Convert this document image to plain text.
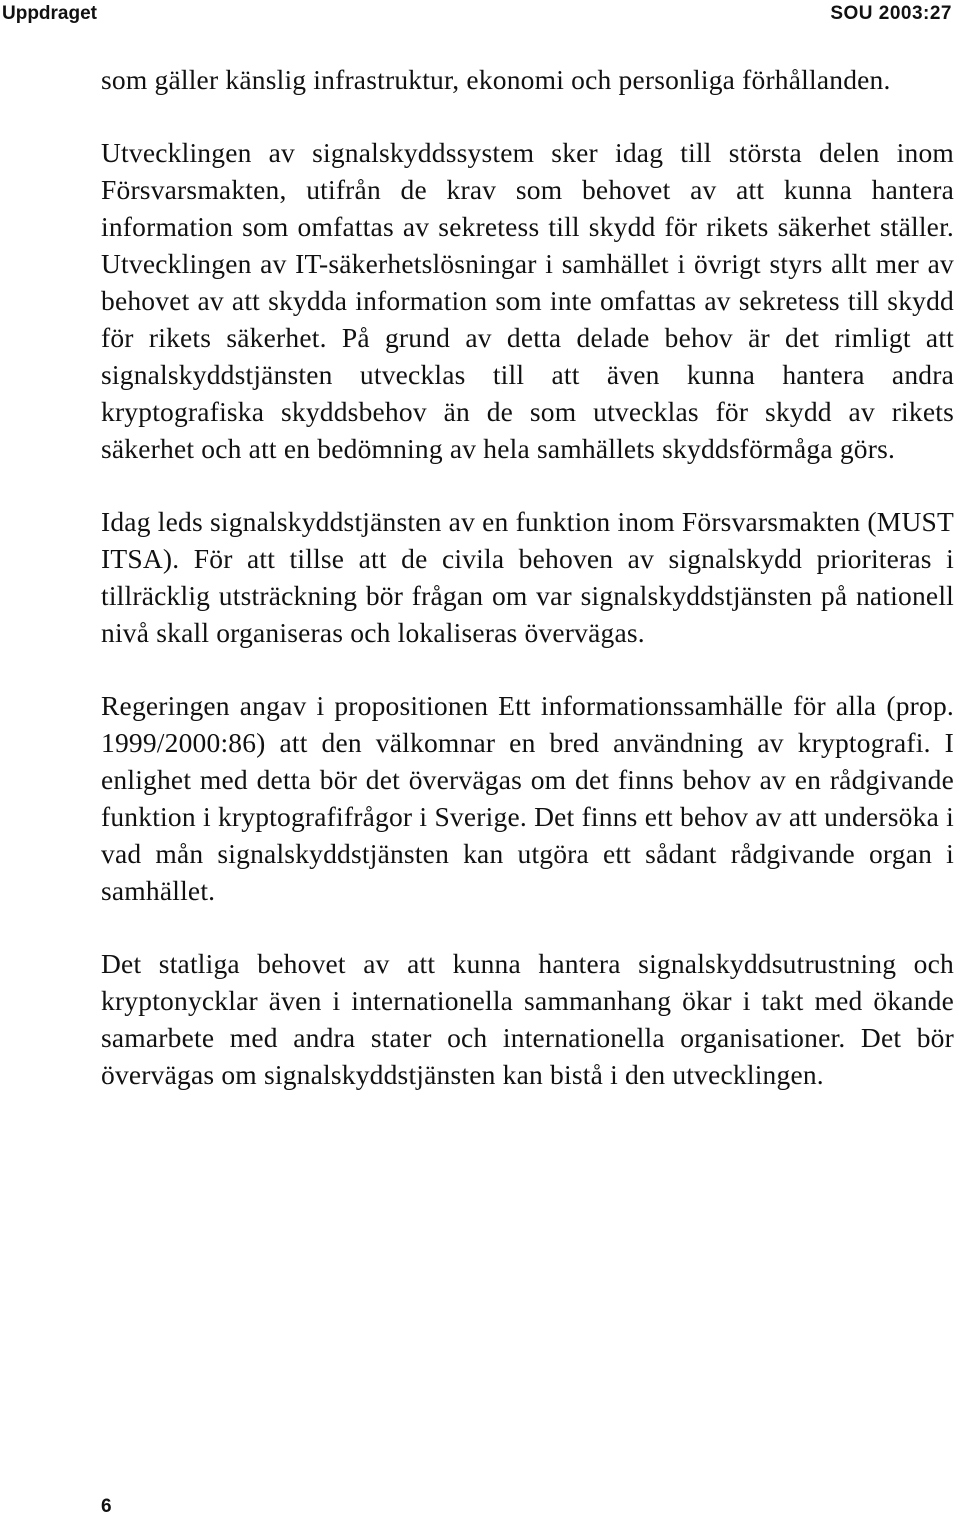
Uppdraget	SOU 2003:27

som gäller känslig infrastruktur, ekonomi och personliga förhållanden.

Utvecklingen av signalskyddssystem sker idag till största delen inom Försvarsmakten, utifrån de krav som behovet av att kunna hantera information som omfattas av sekretess till skydd för rikets säkerhet ställer. Utvecklingen av IT-säkerhetslösningar i samhället i övrigt styrs allt mer av behovet av att skydda information som inte omfattas av sekretess till skydd för rikets säkerhet. På grund av detta delade behov är det rimligt att signalskyddstjänsten utvecklas till att även kunna hantera andra kryptografiska skyddsbehov än de som utvecklas för skydd av rikets säkerhet och att en bedömning av hela samhällets skyddsförmåga görs.

Idag leds signalskyddstjänsten av en funktion inom Försvarsmakten (MUST ITSA). För att tillse att de civila behoven av signalskydd prioriteras i tillräcklig utsträckning bör frågan om var signalskyddstjänsten på nationell nivå skall organiseras och lokaliseras övervägas.

Regeringen angav i propositionen Ett informationssamhälle för alla (prop. 1999/2000:86) att den välkomnar en bred användning av kryptografi. I enlighet med detta bör det övervägas om det finns behov av en rådgivande funktion i kryptografifrågor i Sverige. Det finns ett behov av att undersöka i vad mån signalskyddstjänsten kan utgöra ett sådant rådgivande organ i samhället.

Det statliga behovet av att kunna hantera signalskyddsutrustning och kryptonycklar även i internationella sammanhang ökar i takt med ökande samarbete med andra stater och internationella organisationer. Det bör övervägas om signalskyddstjänsten kan bistå i den utvecklingen.

6
